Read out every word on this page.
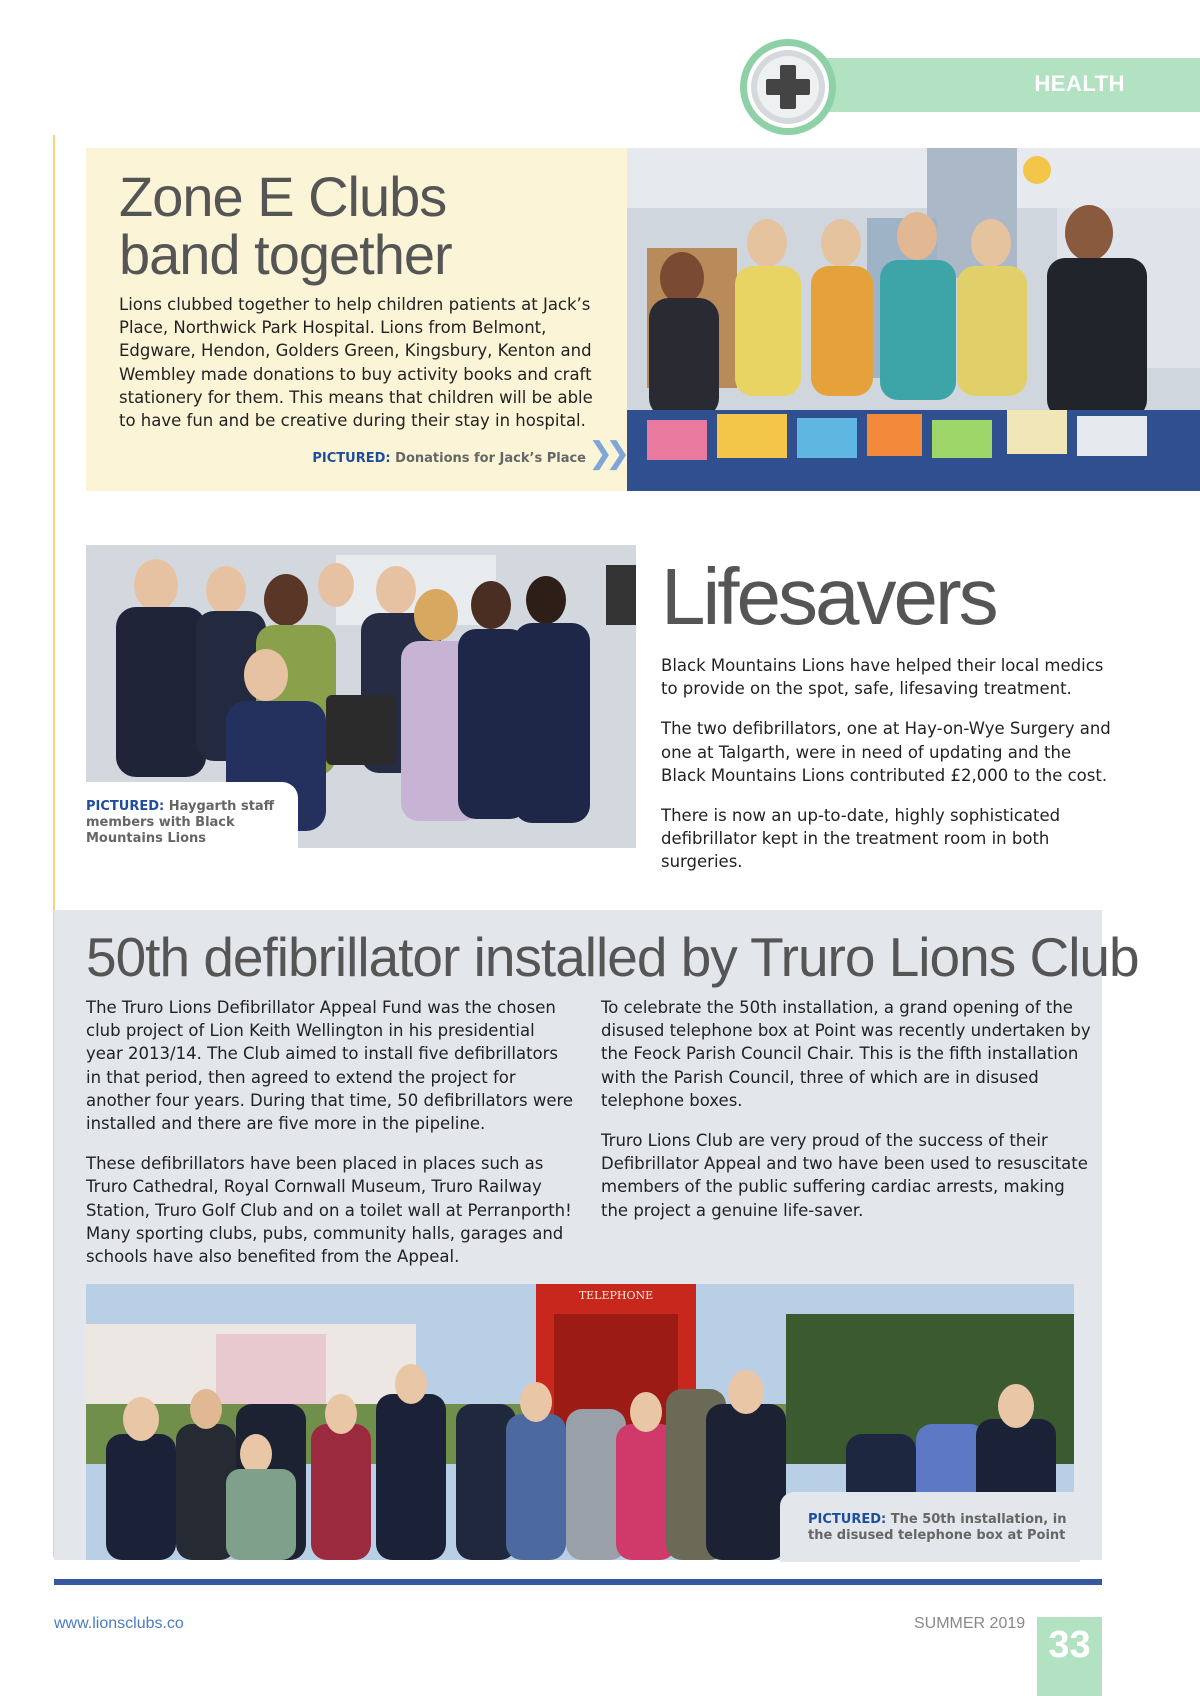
HEALTH
Zone E Clubs
band together

Lions clubbed together to help children patients at Jack’s Place, Northwick Park Hospital. Lions from Belmont, Edgware, Hendon, Golders Green, Kingsbury, Kenton and Wembley made donations to buy activity books and craft stationery for them. This means that children will be able to have fun and be creative during their stay in hospital.

PICTURED: Donations for Jack’s Place ❯❯
PICTURED: Haygarth staff members with Black Mountains Lions
Lifesavers

Black Mountains Lions have helped their local medics to provide on the spot, safe, lifesaving treatment.

The two defibrillators, one at Hay-on-Wye Surgery and one at Talgarth, were in need of updating and the Black Mountains Lions contributed £2,000 to the cost.

There is now an up-to-date, highly sophisticated defibrillator kept in the treatment room in both surgeries.

50th defibrillator installed by Truro Lions Club

The Truro Lions Defibrillator Appeal Fund was the chosen club project of Lion Keith Wellington in his presidential year 2013/14. The Club aimed to install five defibrillators in that period, then agreed to extend the project for another four years. During that time, 50 defibrillators were installed and there are five more in the pipeline.

These defibrillators have been placed in places such as Truro Cathedral, Royal Cornwall Museum, Truro Railway Station, Truro Golf Club and on a toilet wall at Perranporth! Many sporting clubs, pubs, community halls, garages and schools have also benefited from the Appeal.

To celebrate the 50th installation, a grand opening of the disused telephone box at Point was recently undertaken by the Feock Parish Council Chair. This is the fifth installation with the Parish Council, three of which are in disused telephone boxes.

Truro Lions Club are very proud of the success of their Defibrillator Appeal and two have been used to resuscitate members of the public suffering cardiac arrests, making the project a genuine life-saver.

TELEPHONE
PICTURED: The 50th installation, in the disused telephone box at Point
www.lionsclubs.co	SUMMER 2019
33
